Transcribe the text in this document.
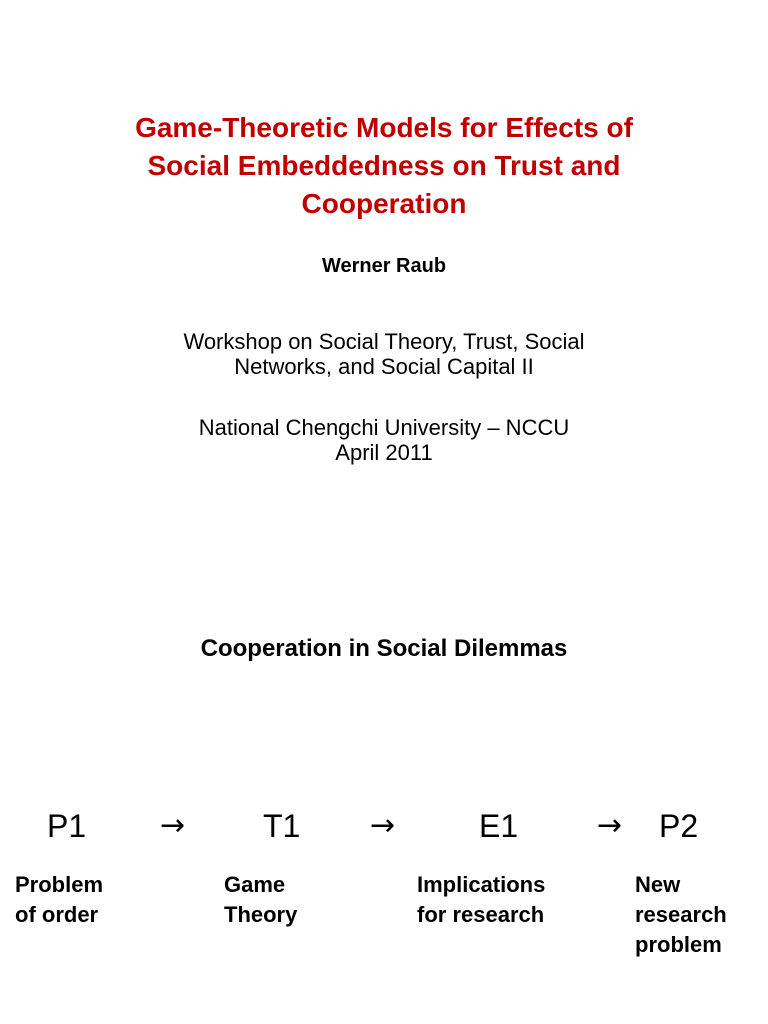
Game-Theoretic Models for Effects of
Social Embeddedness on Trust and
Cooperation
Werner Raub
Workshop on Social Theory, Trust, Social
Networks, and Social Capital II
National Chengchi University – NCCU
April 2011
Cooperation in Social Dilemmas
P1 → T1 →	E1	→ P2
Problem
of order
Game
Theory
Implications
for research
New
research
problem
